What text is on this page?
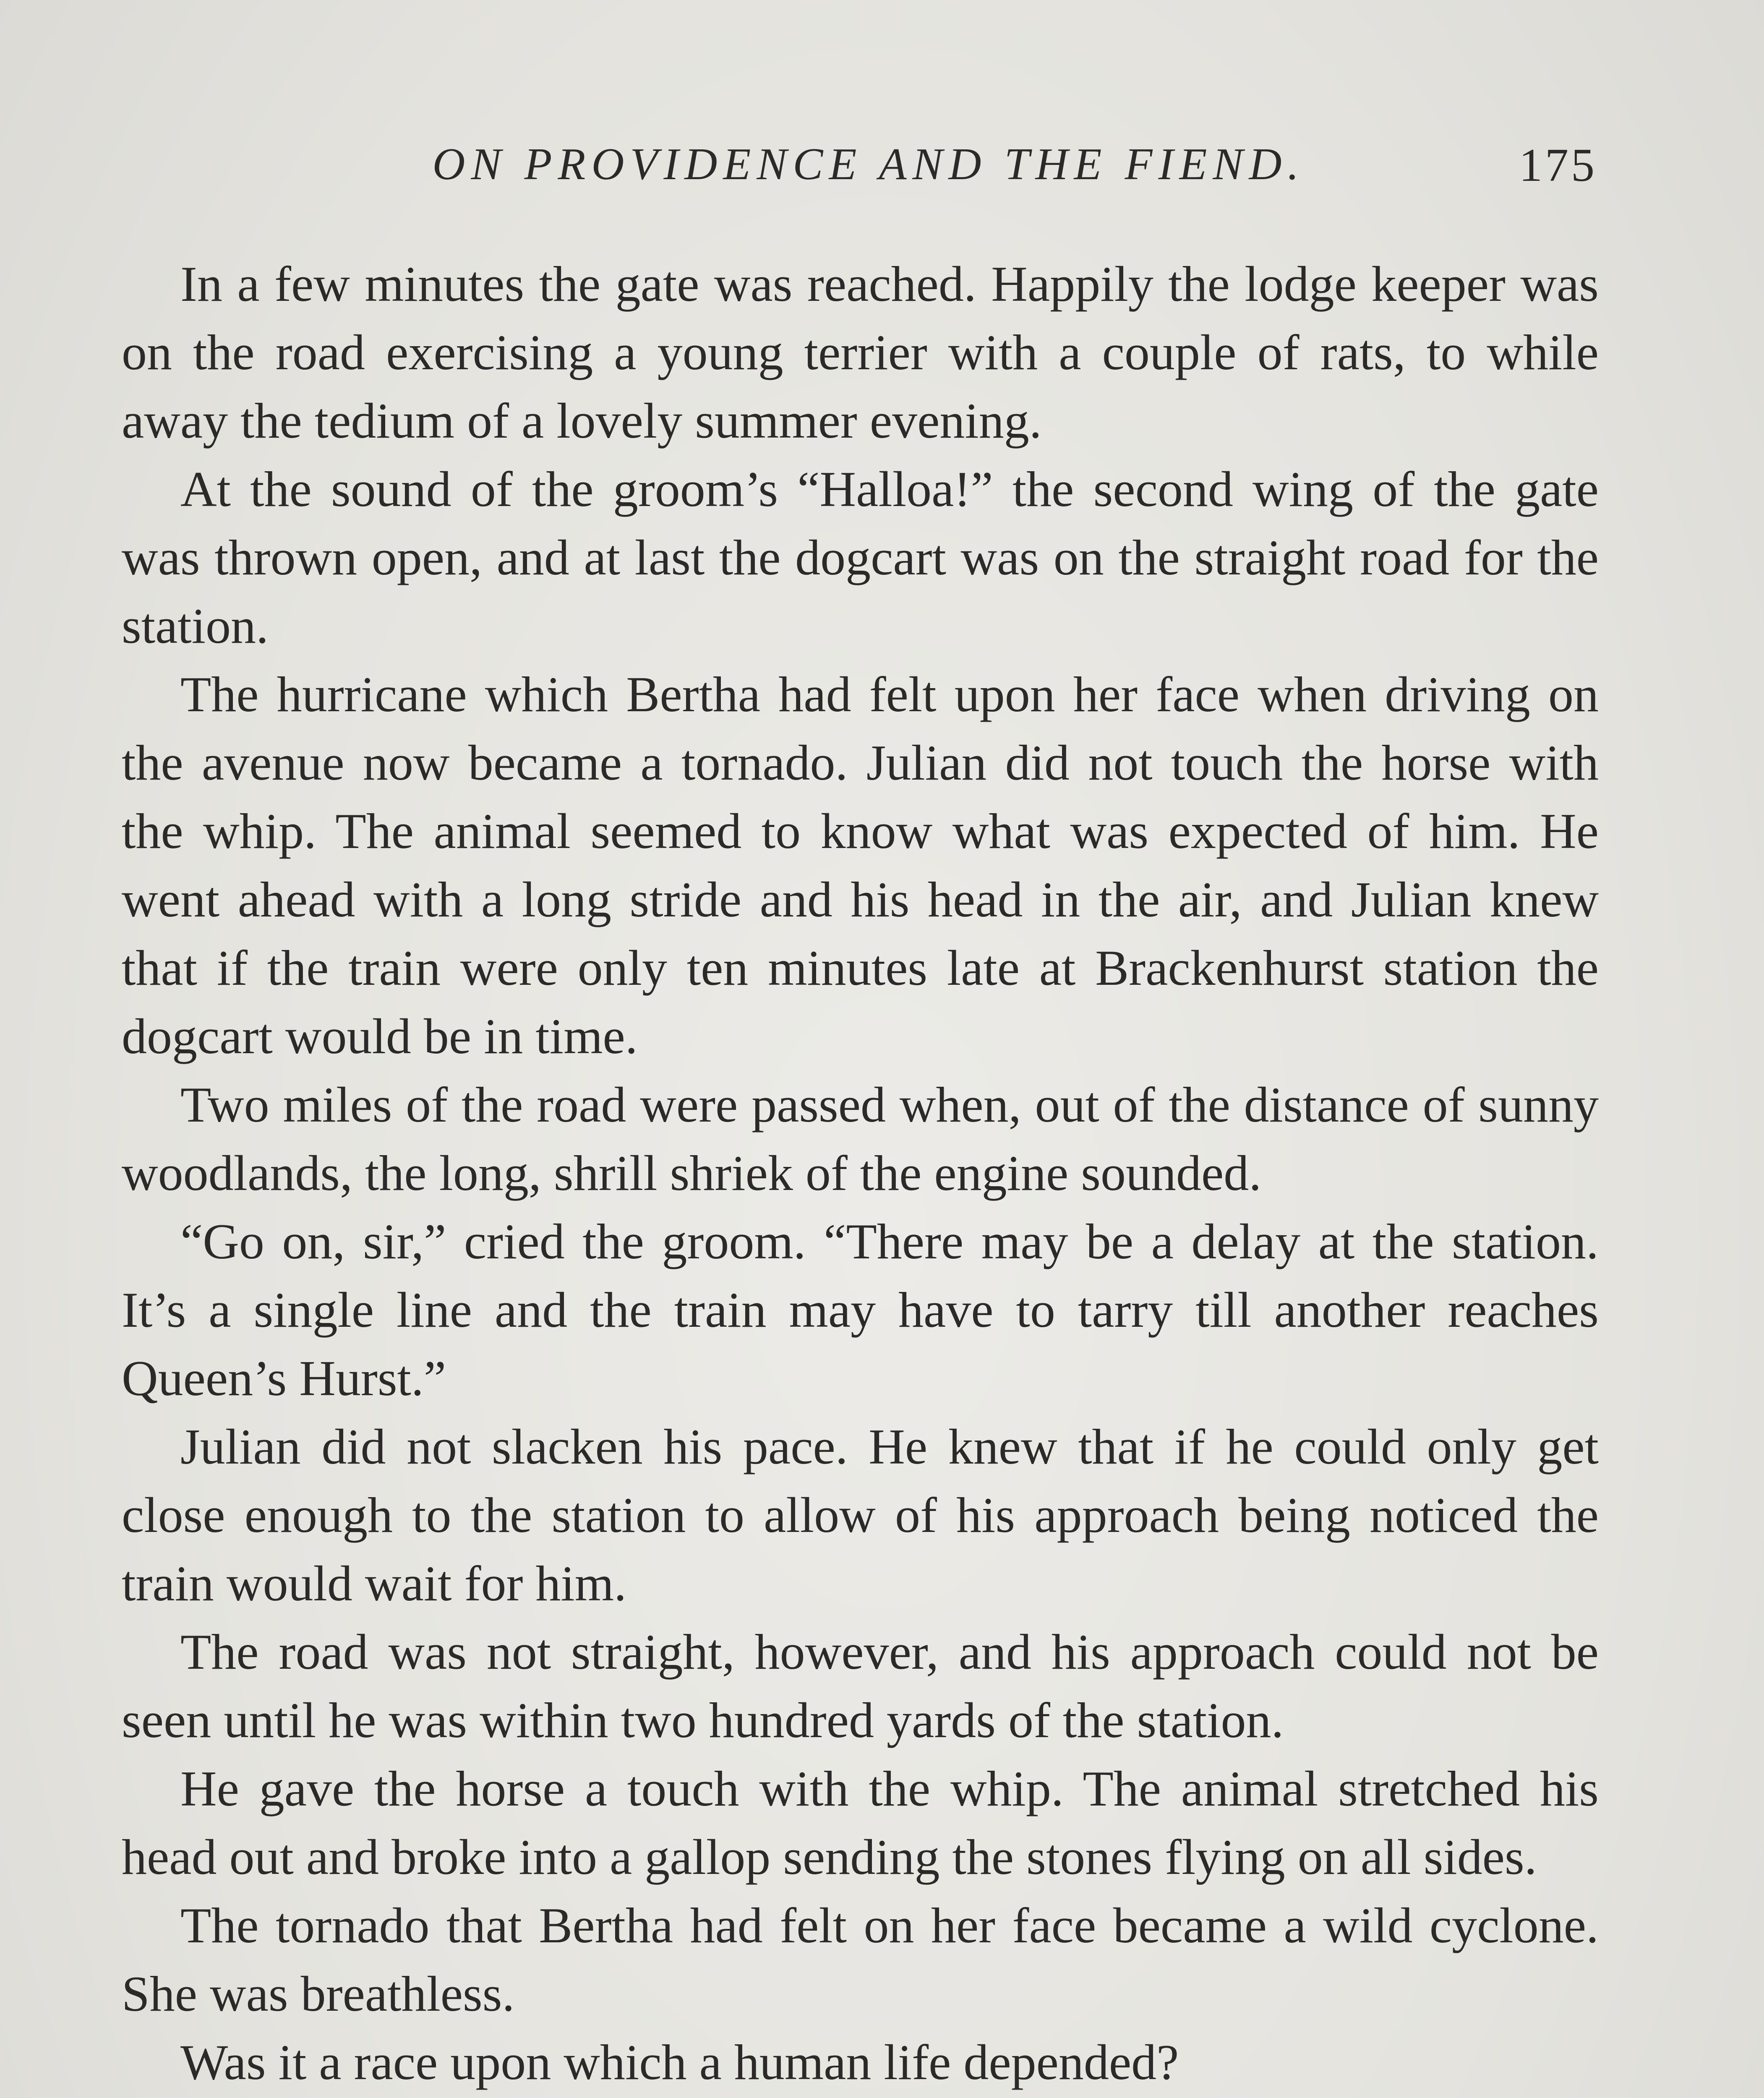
ON PROVIDENCE AND THE FIEND.	175

In a few minutes the gate was reached. Happily the lodge keeper was on the road exercising a young terrier with a couple of rats, to while away the tedium of a lovely summer evening.

At the sound of the groom’s “Halloa!” the second wing of the gate was thrown open, and at last the dogcart was on the straight road for the station.

The hurricane which Bertha had felt upon her face when driving on the avenue now became a tornado. Julian did not touch the horse with the whip. The animal seemed to know what was expected of him. He went ahead with a long stride and his head in the air, and Julian knew that if the train were only ten minutes late at Brackenhurst station the dogcart would be in time.

Two miles of the road were passed when, out of the distance of sunny woodlands, the long, shrill shriek of the engine sounded.

“Go on, sir,” cried the groom. “There may be a delay at the station. It’s a single line and the train may have to tarry till another reaches Queen’s Hurst.”

Julian did not slacken his pace. He knew that if he could only get close enough to the station to allow of his approach being noticed the train would wait for him.

The road was not straight, however, and his approach could not be seen until he was within two hundred yards of the station.

He gave the horse a touch with the whip. The animal stretched his head out and broke into a gallop sending the stones flying on all sides.

The tornado that Bertha had felt on her face became a wild cyclone. She was breathless.

Was it a race upon which a human life depended?
